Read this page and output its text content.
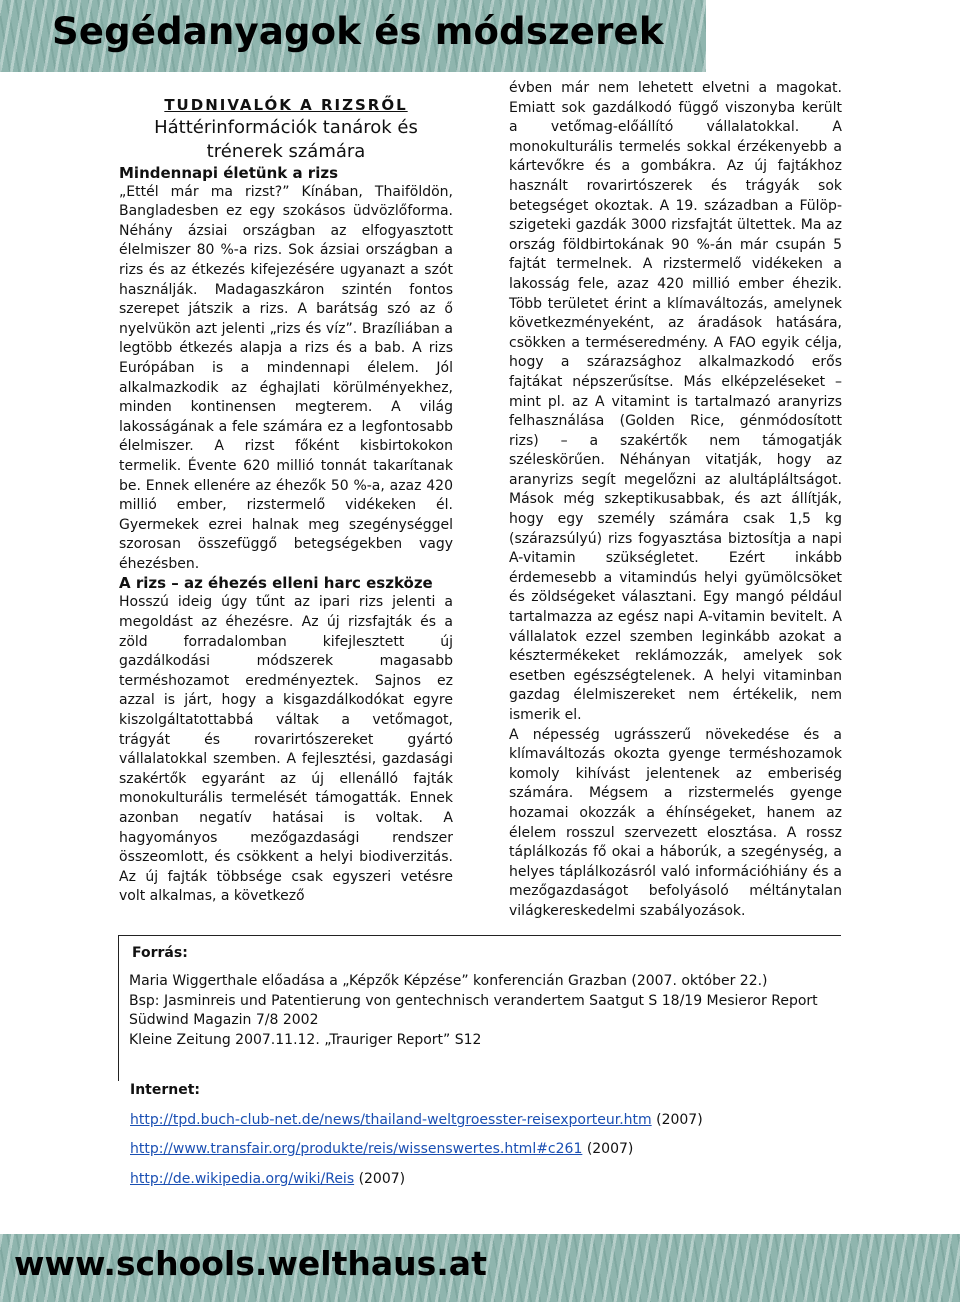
Segédanyagok és módszerek

TUDNIVALÓK A RIZSRŐL

Háttérinformációk tanárok és trénerek számára

Mindennapi életünk a rizs

„Ettél már ma rizst?” Kínában, Thaiföldön, Bangladesben ez egy szokásos üdvözlőforma. Néhány ázsiai országban az elfogyasztott élelmiszer 80 %-a rizs. Sok ázsiai országban a rizs és az étkezés kifejezésére ugyanazt a szót használják. Madagaszkáron szintén fontos szerepet játszik a rizs. A barátság szó az ő nyelvükön azt jelenti „rizs és víz”. Brazíliában a legtöbb étkezés alapja a rizs és a bab. A rizs Európában is a mindennapi élelem. Jól alkalmazkodik az éghajlati körülményekhez, minden kontinensen megterem. A világ lakosságának a fele számára ez a legfontosabb élelmiszer. A rizst főként kisbirtokokon termelik. Évente 620 millió tonnát takarítanak be. Ennek ellenére az éhezők 50 %-a, azaz 420 millió ember, rizstermelő vidékeken él. Gyermekek ezrei halnak meg szegénységgel szorosan összefüggő betegségekben vagy éhezésben.

A rizs – az éhezés elleni harc eszköze

Hosszú ideig úgy tűnt az ipari rizs jelenti a megoldást az éhezésre. Az új rizsfajták és a zöld forradalomban kifejlesztett új gazdálkodási módszerek magasabb terméshozamot eredményeztek. Sajnos ez azzal is járt, hogy a kisgazdálkodókat egyre kiszolgáltatottabbá váltak a vetőmagot, trágyát és rovarirtószereket gyártó vállalatokkal szemben. A fejlesztési, gazdasági szakértők egyaránt az új ellenálló fajták monokulturális termelését támogatták. Ennek azonban negatív hatásai is voltak. A hagyományos mezőgazdasági rendszer összeomlott, és csökkent a helyi biodiverzitás. Az új fajták többsége csak egyszeri vetésre volt alkalmas, a következő

évben már nem lehetett elvetni a magokat. Emiatt sok gazdálkodó függő viszonyba került a vetőmag-előállító vállalatokkal. A monokulturális termelés sokkal érzékenyebb a kártevőkre és a gombákra. Az új fajtákhoz használt rovarirtószerek és trágyák sok betegséget okoztak. A 19. században a Fülöp-szigeteki gazdák 3000 rizsfajtát ültettek. Ma az ország földbirtokának 90 %-án már csupán 5 fajtát termelnek. A rizstermelő vidékeken a lakosság fele, azaz 420 millió ember éhezik. Több területet érint a klímaváltozás, amelynek következményeként, az áradások hatására, csökken a terméseredmény. A FAO egyik célja, hogy a szárazsághoz alkalmazkodó erős fajtákat népszerűsítse. Más elképzeléseket – mint pl. az A vitamint is tartalmazó aranyrizs felhasználása (Golden Rice, génmódosított rizs) – a szakértők nem támogatják széleskörűen. Néhányan vitatják, hogy az aranyrizs segít megelőzni az alultápláltságot. Mások még szkeptikusabbak, és azt állítják, hogy egy személy számára csak 1,5 kg (szárazsúlyú) rizs fogyasztása biztosítja a napi A-vitamin szükségletet. Ezért inkább érdemesebb a vitamindús helyi gyümölcsöket és zöldségeket választani. Egy mangó például tartalmazza az egész napi A-vitamin bevitelt. A vállalatok ezzel szemben leginkább azokat a késztermékeket reklámozzák, amelyek sok esetben egészségtelenek. A helyi vitaminban gazdag élelmiszereket nem értékelik, nem ismerik el.

A népesség ugrásszerű növekedése és a klímaváltozás okozta gyenge terméshozamok komoly kihívást jelentenek az emberiség számára. Mégsem a rizstermelés gyenge hozamai okozzák a éhínségeket, hanem az élelem rosszul szervezett elosztása. A rossz táplálkozás fő okai a háborúk, a szegénység, a helyes táplálkozásról való információhiány és a mezőgazdaságot befolyásoló méltánytalan világkereskedelmi szabályozások.

Forrás:
Maria Wiggerthale előadása a „Képzők Képzése” konferencián Grazban (2007. október 22.)
Bsp: Jasminreis und Patentierung von gentechnisch verandertem Saatgut S 18/19 Mesieror Report
Südwind Magazin 7/8 2002
Kleine Zeitung 2007.11.12. „Trauriger Report” S12
Internet:
http://tpd.buch-club-net.de/news/thailand-weltgroesster-reisexporteur.htm (2007)
http://www.transfair.org/produkte/reis/wissenswertes.html#c261 (2007)
http://de.wikipedia.org/wiki/Reis (2007)
www.schools.welthaus.at
